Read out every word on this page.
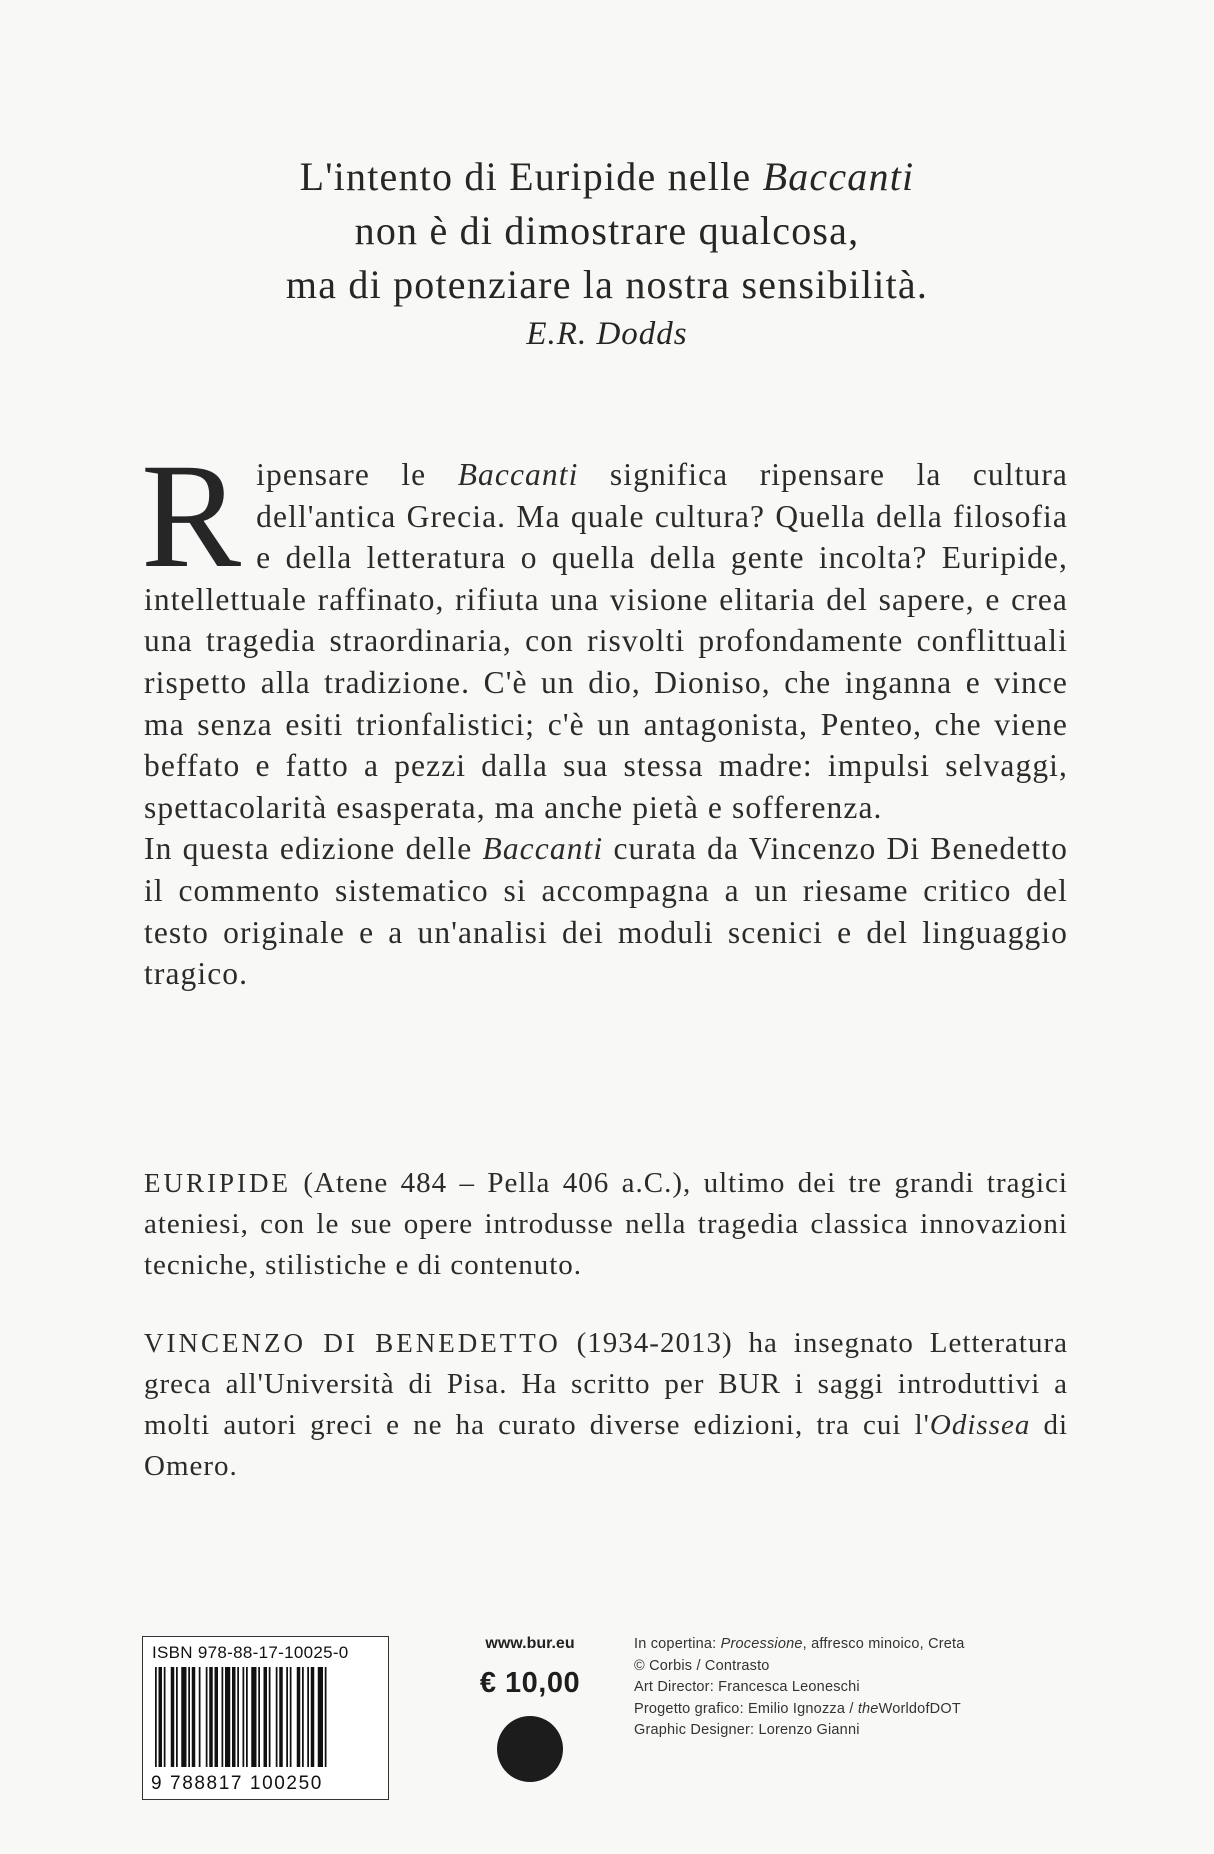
L'intento di Euripide nelle Baccanti
non è di dimostrare qualcosa,
ma di potenziare la nostra sensibilità.
E.R. Dodds
R ipensare le Baccanti significa ripensare la cultura dell'antica Grecia. Ma quale cultura? Quella della filosofia e della letteratura o quella della gente incolta? Euripide, intellettuale raffinato, rifiuta una visione elitaria del sapere, e crea una tragedia straordinaria, con risvolti profondamente conflittuali rispetto alla tradizione. C'è un dio, Dioniso, che inganna e vince ma senza esiti trionfalistici; c'è un antagonista, Penteo, che viene beffato e fatto a pezzi dalla sua stessa madre: impulsi selvaggi, spettacolarità esasperata, ma anche pietà e sofferenza.

In questa edizione delle Baccanti curata da Vincenzo Di Benedetto il commento sistematico si accompagna a un riesame critico del testo originale e a un'analisi dei moduli scenici e del linguaggio tragico.

EURIPIDE (Atene 484 – Pella 406 a.C.), ultimo dei tre grandi tragici ateniesi, con le sue opere introdusse nella tragedia classica innovazioni tecniche, stilistiche e di contenuto.
VINCENZO DI BENEDETTO (1934-2013) ha insegnato Letteratura greca all'Università di Pisa. Ha scritto per BUR i saggi introduttivi a molti autori greci e ne ha curato diverse edizioni, tra cui l'Odissea di Omero.
ISBN 978-88-17-10025-0
9 788817 100250
www.bur.eu
€ 10,00
In copertina: Processione, affresco minoico, Creta
© Corbis / Contrasto
Art Director: Francesca Leoneschi
Progetto grafico: Emilio Ignozza / theWorldofDOT
Graphic Designer: Lorenzo Gianni
